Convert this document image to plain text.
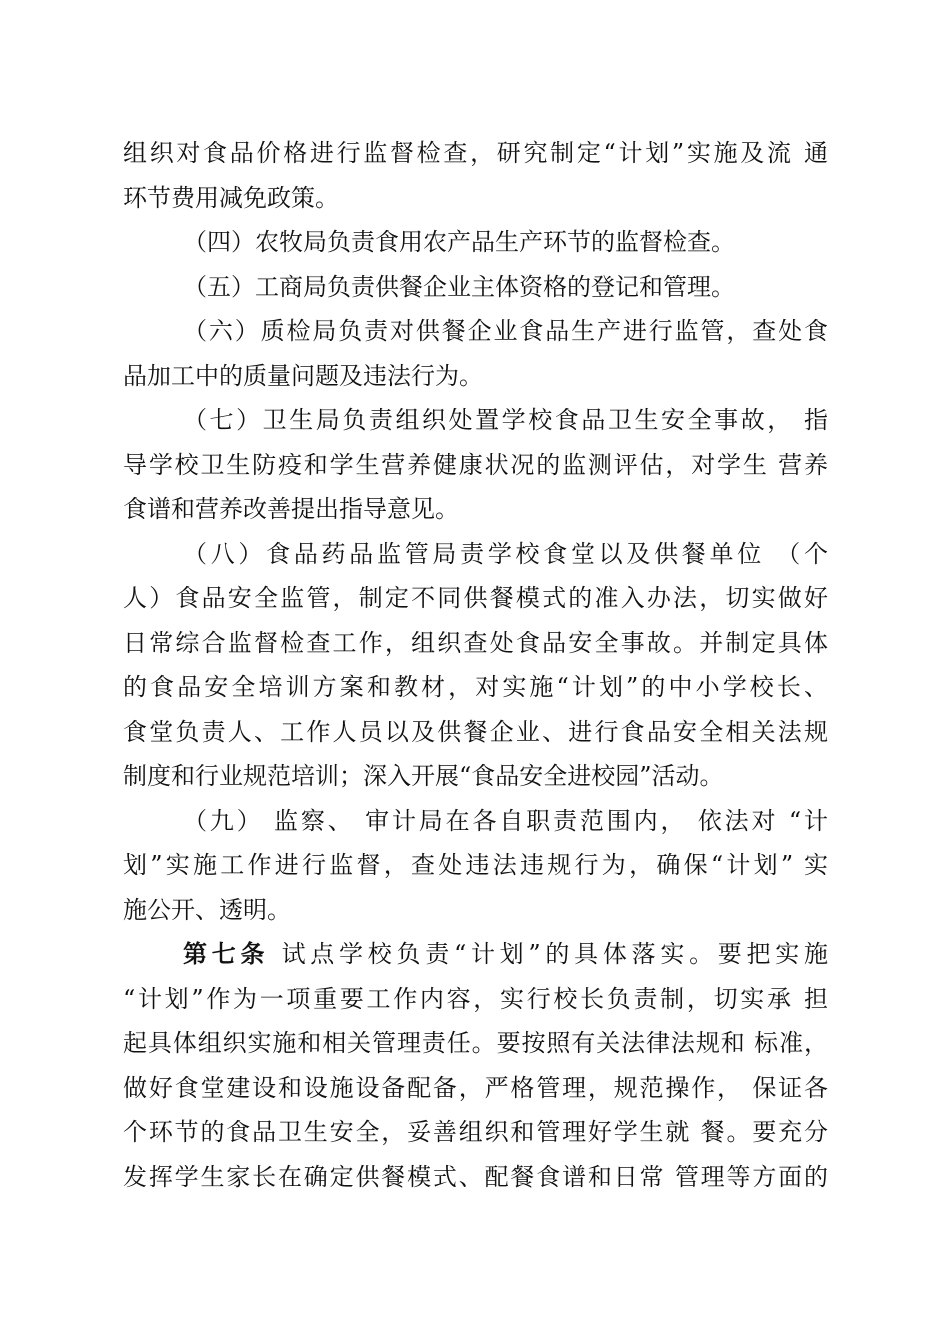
组织对食品价格进行监督检查，研究制定“计划”实施及流 通
环节费用减免政策。
（四）农牧局负责食用农产品生产环节的监督检查。
（五）工商局负责供餐企业主体资格的登记和管理。
（六）质检局负责对供餐企业食品生产进行监管，查处食
品加工中的质量问题及违法行为。
（七）卫生局负责组织处置学校食品卫生安全事故， 指
导学校卫生防疫和学生营养健康状况的监测评估，对学生 营养
食谱和营养改善提出指导意见。
（八）食品药品监管局责学校食堂以及供餐单位 （个
人）食品安全监管，制定不同供餐模式的准入办法，切实做好
日常综合监督检查工作，组织查处食品安全事故。并制定具体
的食品安全培训方案和教材，对实施“计划”的中小学校长、
食堂负责人、工作人员以及供餐企业、进行食品安全相关法规
制度和行业规范培训；深入开展“食品安全进校园”活动。
（九） 监察、 审计局在各自职责范围内， 依法对 “计
划”实施工作进行监督，查处违法违规行为，确保“计划” 实
施公开、透明。
第七条 试点学校负责“计划”的具体落实。要把实施
“计划”作为一项重要工作内容，实行校长负责制，切实承 担
起具体组织实施和相关管理责任。要按照有关法律法规和 标准，
做好食堂建设和设施设备配备，严格管理，规范操作， 保证各
个环节的食品卫生安全，妥善组织和管理好学生就 餐。要充分
发挥学生家长在确定供餐模式、配餐食谱和日常 管理等方面的
